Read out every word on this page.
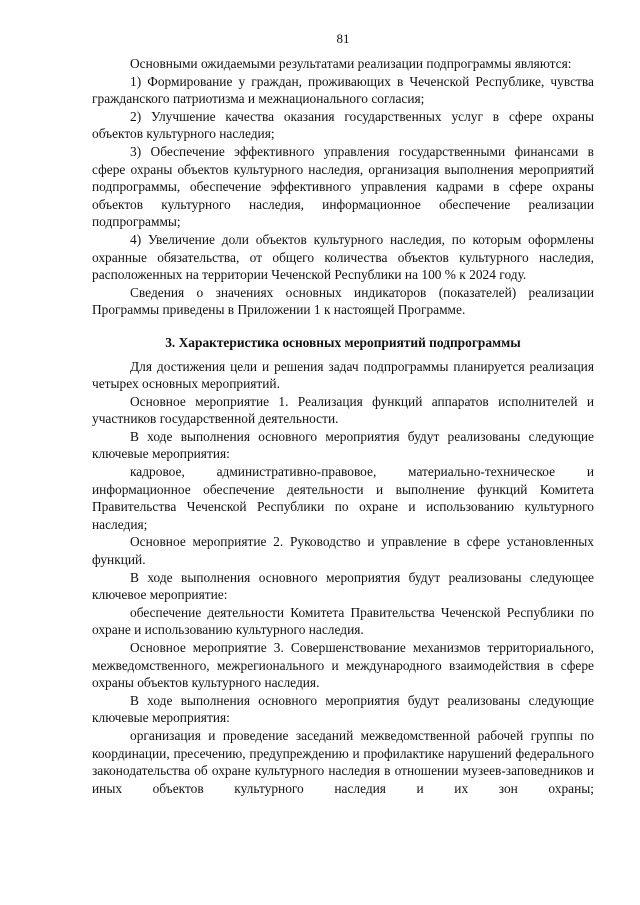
81

Основными ожидаемыми результатами реализации подпрограммы являются:

1) Формирование у граждан, проживающих в Чеченской Республике, чувства гражданского патриотизма и межнационального согласия;

2) Улучшение качества оказания государственных услуг в сфере охраны объектов культурного наследия;

3) Обеспечение эффективного управления государственными финансами в сфере охраны объектов культурного наследия, организация выполнения мероприятий подпрограммы, обеспечение эффективного управления кадрами в сфере охраны объектов культурного наследия, информационное обеспечение реализации подпрограммы;

4) Увеличение доли объектов культурного наследия, по которым оформлены охранные обязательства, от общего количества объектов культурного наследия, расположенных на территории Чеченской Республики на 100 % к 2024 году.

Сведения о значениях основных индикаторов (показателей) реализации Программы приведены в Приложении 1 к настоящей Программе.

3. Характеристика основных мероприятий подпрограммы

Для достижения цели и решения задач подпрограммы планируется реализация четырех основных мероприятий.

Основное мероприятие 1. Реализация функций аппаратов исполнителей и участников государственной деятельности.

В ходе выполнения основного мероприятия будут реализованы следующие ключевые мероприятия:

кадровое, административно-правовое, материально-техническое и информационное обеспечение деятельности и выполнение функций Комитета Правительства Чеченской Республики по охране и использованию культурного наследия;

Основное мероприятие 2. Руководство и управление в сфере установленных функций.

В ходе выполнения основного мероприятия будут реализованы следующее ключевое мероприятие:

обеспечение деятельности Комитета Правительства Чеченской Республики по охране и использованию культурного наследия.

Основное мероприятие 3. Совершенствование механизмов территориального, межведомственного, межрегионального и международного взаимодействия в сфере охраны объектов культурного наследия.

В ходе выполнения основного мероприятия будут реализованы следующие ключевые мероприятия:

организация и проведение заседаний межведомственной рабочей группы по координации, пресечению, предупреждению и профилактике нарушений федерального законодательства об охране культурного наследия в отношении музеев-заповедников и иных объектов культурного наследия и их зон охраны;
